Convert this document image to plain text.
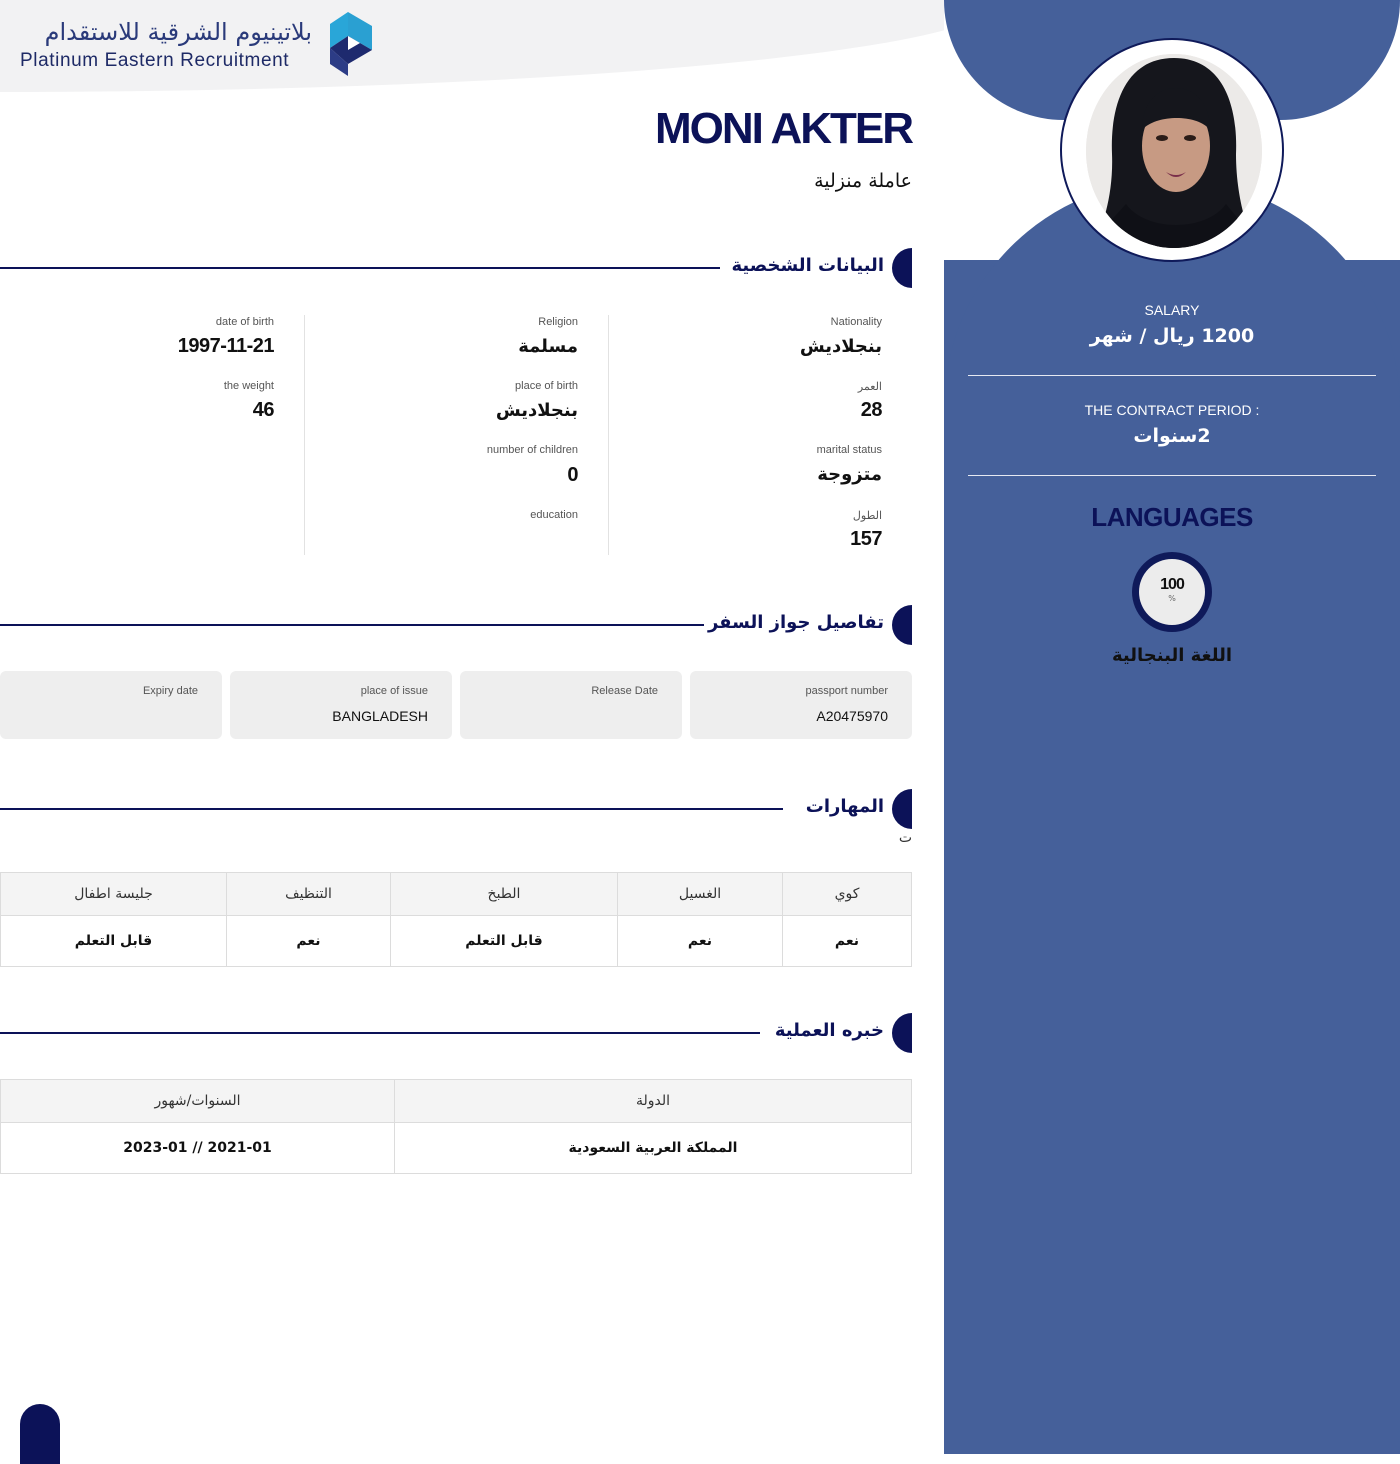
بلاتينيوم الشرقية للاستقدام
Platinum Eastern Recruitment
SALARY
1200 ريال / شهر
THE CONTRACT PERIOD :
2سنوات
LANGUAGES
100
%
اللغة البنجالية
MONI AKTER
عاملة منزلية
البيانات الشخصية
Nationality
بنجلاديش
العمر
28
marital status
متزوجة
الطول
157
Religion
مسلمة
place of birth
بنجلاديش
number of children
0
education
date of birth
1997-11-21
the weight
46
تفاصيل جواز السفر
passport number
A20475970
Release Date
place of issue
BANGLADESH
Expiry date
المهارات
ت
كوي	الغسيل	الطبخ	التنظيف	جليسة اطفال
نعم	نعم	قابل التعلم	نعم	قابل التعلم
خبره العملية
الدولة	السنوات/شهور
المملكة العربية السعودية	2021-01 // 2023-01
